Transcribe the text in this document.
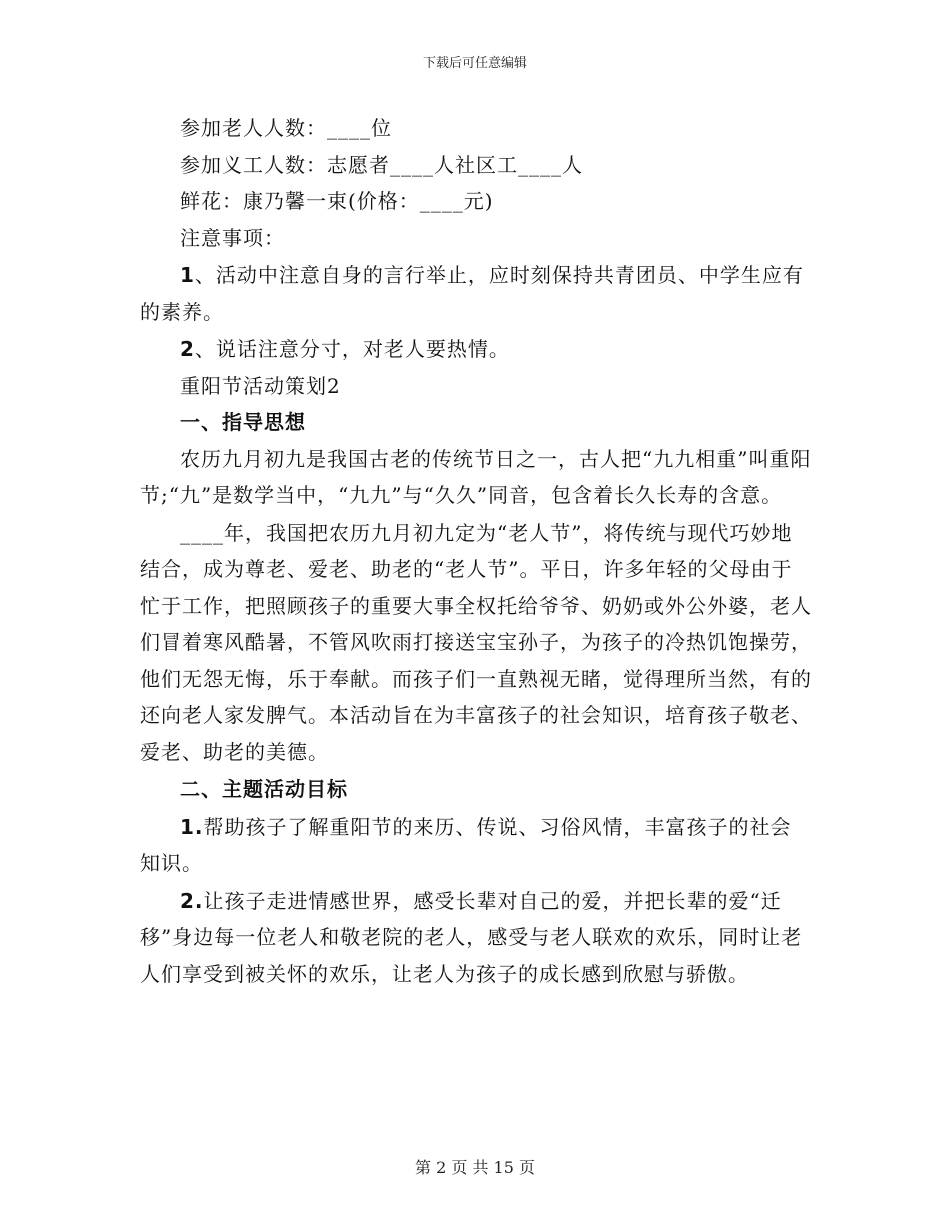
下载后可任意编辑

参加老人人数：____位

参加义工人数：志愿者____人社区工____人

鲜花：康乃馨一束(价格：____元)

注意事项：

1、活动中注意自身的言行举止，应时刻保持共青团员、中学生应有的素养。

2、说话注意分寸，对老人要热情。

重阳节活动策划2

一、指导思想

农历九月初九是我国古老的传统节日之一，古人把“九九相重”叫重阳节;“九”是数学当中，“九九”与“久久”同音，包含着长久长寿的含意。

____年，我国把农历九月初九定为“老人节”，将传统与现代巧妙地结合，成为尊老、爱老、助老的“老人节”。平日，许多年轻的父母由于忙于工作，把照顾孩子的重要大事全权托给爷爷、奶奶或外公外婆，老人们冒着寒风酷暑，不管风吹雨打接送宝宝孙子，为孩子的冷热饥饱操劳，他们无怨无悔，乐于奉献。而孩子们一直熟视无睹，觉得理所当然，有的还向老人家发脾气。本活动旨在为丰富孩子的社会知识，培育孩子敬老、爱老、助老的美德。

二、主题活动目标

1.帮助孩子了解重阳节的来历、传说、习俗风情，丰富孩子的社会知识。

2.让孩子走进情感世界，感受长辈对自己的爱，并把长辈的爱“迁移”身边每一位老人和敬老院的老人，感受与老人联欢的欢乐，同时让老人们享受到被关怀的欢乐，让老人为孩子的成长感到欣慰与骄傲。

第 2 页 共 15 页
